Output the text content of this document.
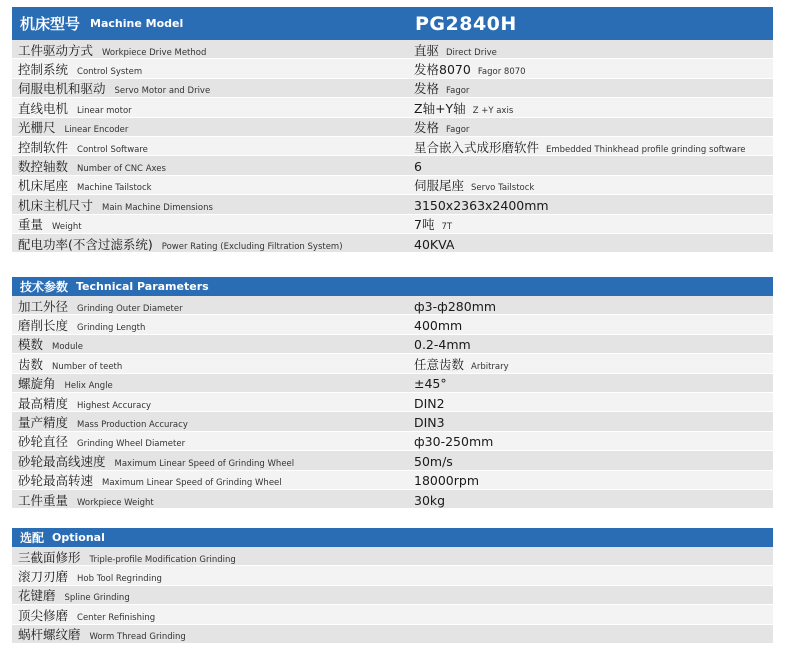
机床型号 Machine Model	PG2840H
工件驱动方式 Workpiece Drive Method	直驱 Direct Drive
控制系统 Control System	发格8070 Fagor 8070
伺服电机和驱动 Servo Motor and Drive	发格 Fagor
直线电机 Linear motor	Z轴+Y轴 Z +Y axis
光栅尺 Linear Encoder	发格 Fagor
控制软件 Control Software	星合嵌入式成形磨软件 Embedded Thinkhead profile grinding software
数控轴数 Number of CNC Axes	6
机床尾座 Machine Tailstock	伺服尾座 Servo Tailstock
机床主机尺寸 Main Machine Dimensions	3150x2363x2400mm
重量 Weight	7吨 7T
配电功率(不含过滤系统) Power Rating (Excluding Filtration System)	40KVA
技术参数 Technical Parameters
加工外径 Grinding Outer Diameter	ф3-ф280mm
磨削长度 Grinding Length	400mm
模数 Module	0.2-4mm
齿数 Number of teeth	任意齿数 Arbitrary
螺旋角 Helix Angle	±45°
最高精度 Highest Accuracy	DIN2
量产精度 Mass Production Accuracy	DIN3
砂轮直径 Grinding Wheel Diameter	ф30-250mm
砂轮最高线速度 Maximum Linear Speed of Grinding Wheel	50m/s
砂轮最高转速 Maximum Linear Speed of Grinding Wheel	18000rpm
工件重量 Workpiece Weight	30kg
选配 Optional
三截面修形 Triple-profile Modification Grinding
滚刀刃磨 Hob Tool Regrinding
花键磨 Spline Grinding
顶尖修磨 Center Refinishing
蜗杆螺纹磨 Worm Thread Grinding
